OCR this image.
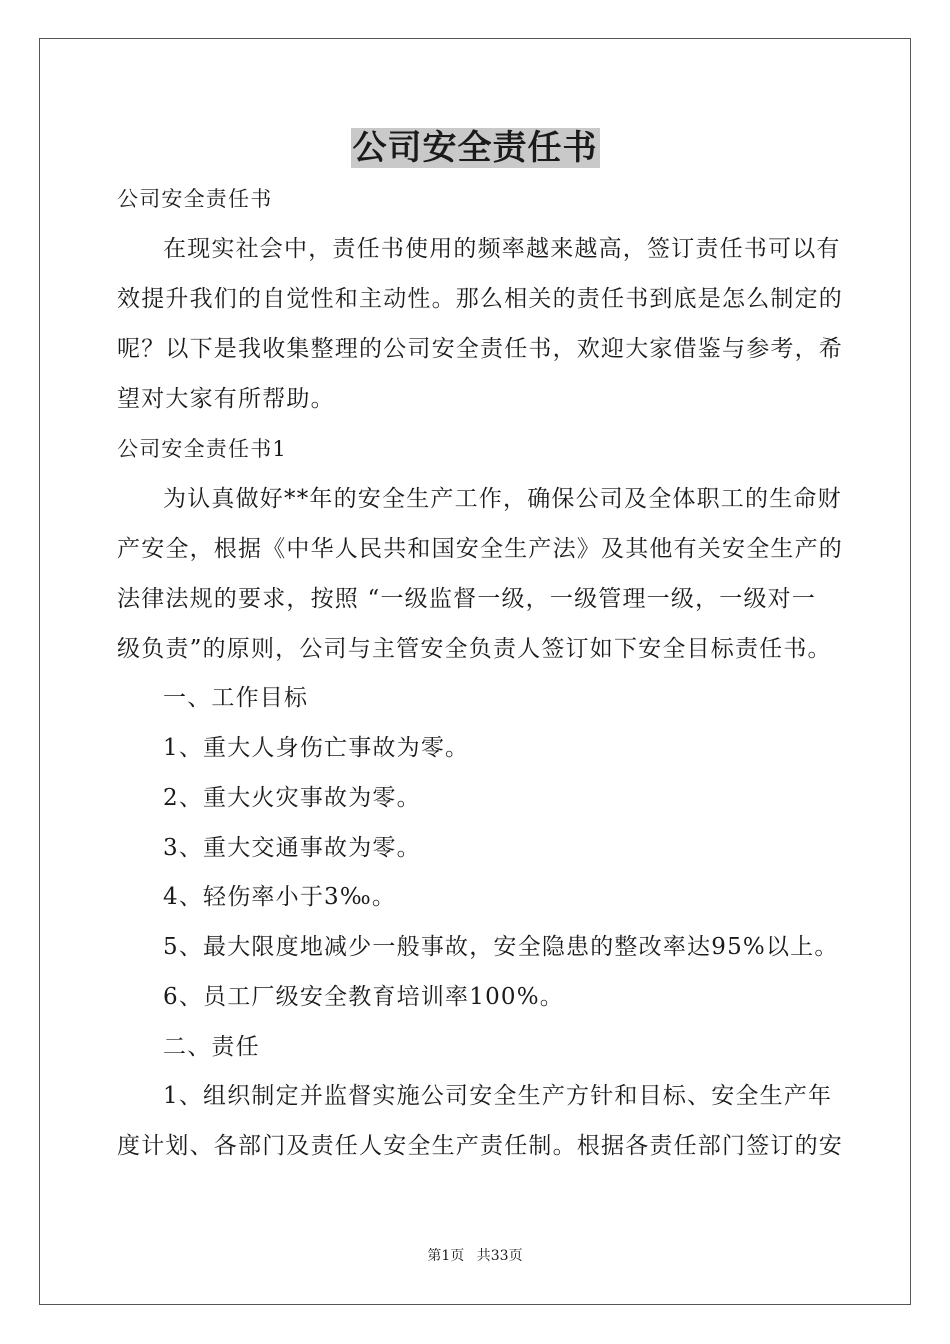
公司安全责任书
公司安全责任书
在现实社会中，责任书使用的频率越来越高，签订责任书可以有
效提升我们的自觉性和主动性。那么相关的责任书到底是怎么制定的
呢？以下是我收集整理的公司安全责任书，欢迎大家借鉴与参考，希
望对大家有所帮助。
公司安全责任书1
为认真做好**年的安全生产工作，确保公司及全体职工的生命财
产安全，根据《中华人民共和国安全生产法》及其他有关安全生产的
法律法规的要求，按照 “一级监督一级，一级管理一级，一级对一
级负责”的原则，公司与主管安全负责人签订如下安全目标责任书。
一、工作目标
1、重大人身伤亡事故为零。
2、重大火灾事故为零。
3、重大交通事故为零。
4、轻伤率小于3‰。
5、最大限度地减少一般事故，安全隐患的整改率达95%以上。
6、员工厂级安全教育培训率100%。
二、责任
1、组织制定并监督实施公司安全生产方针和目标、安全生产年
度计划、各部门及责任人安全生产责任制。根据各责任部门签订的安
第1页 共33页
